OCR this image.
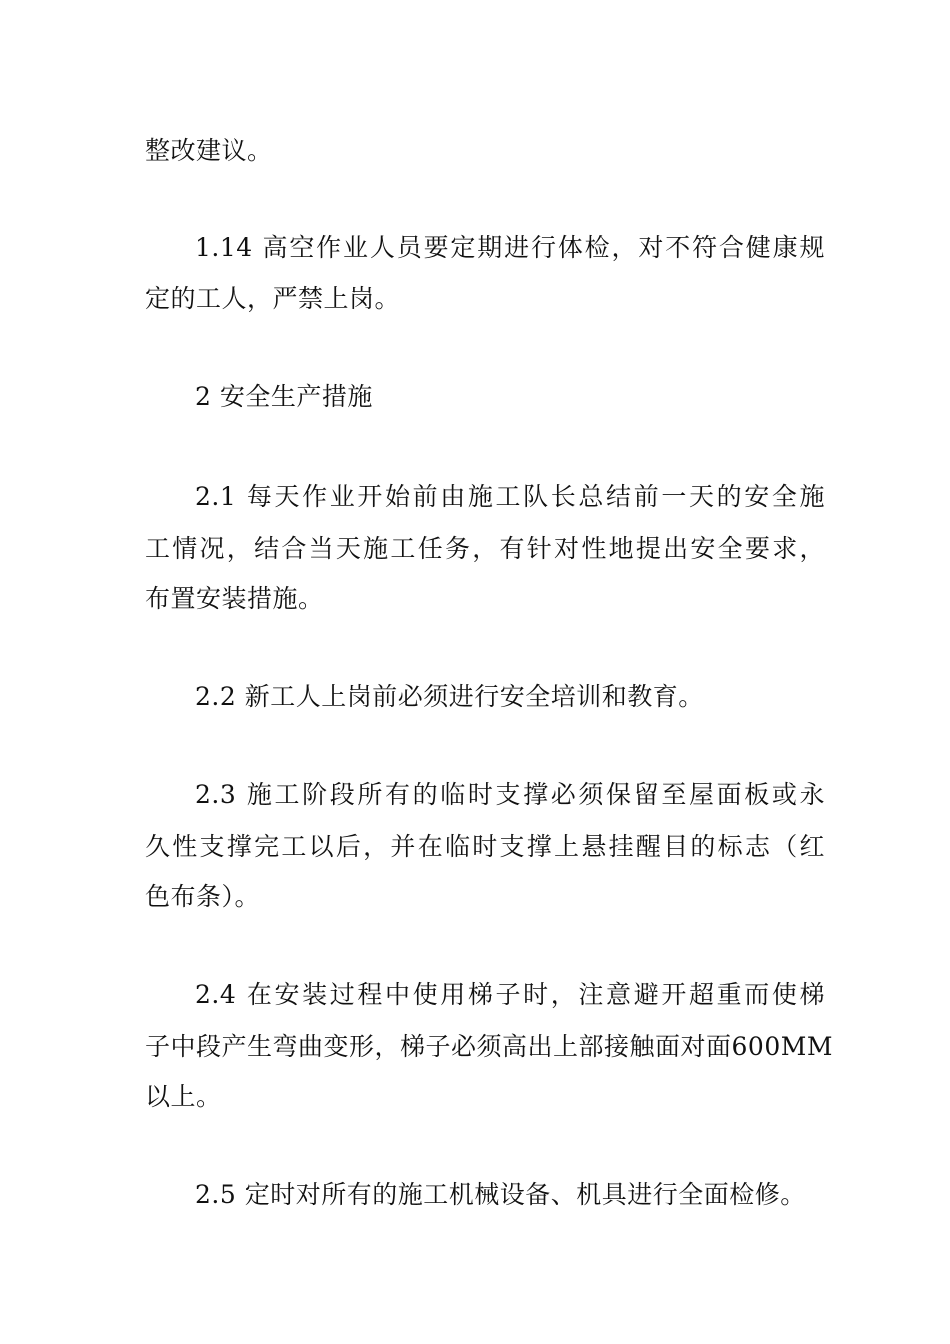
整改建议。
1.14 高空作业人员要定期进行体检，对不符合健康规
定的工人，严禁上岗。
2 安全生产措施
2.1 每天作业开始前由施工队长总结前一天的安全施
工情况，结合当天施工任务，有针对性地提出安全要求，
布置安装措施。
2.2 新工人上岗前必须进行安全培训和教育。
2.3 施工阶段所有的临时支撑必须保留至屋面板或永
久性支撑完工以后，并在临时支撑上悬挂醒目的标志（红
色布条）。
2.4 在安装过程中使用梯子时，注意避开超重而使梯
子中段产生弯曲变形，梯子必须高出上部接触面对面600MM
以上。
2.5 定时对所有的施工机械设备、机具进行全面检修。
